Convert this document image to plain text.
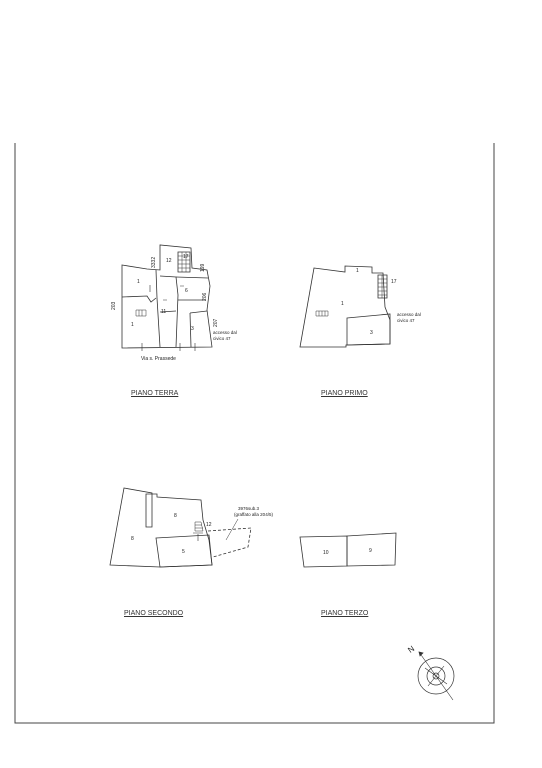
1
1
6
11
3
12
17
3332	199
203
206
207
Via s. Prassede
accesso dal
civico 47
1
1
3
17
accesso dal
civico 47
8
8
5
12
3976sub.3
(graffato alla 204/5)
10	9
N
PIANO TERRA	PIANO PRIMO
PIANO SECONDO	PIANO TERZO
